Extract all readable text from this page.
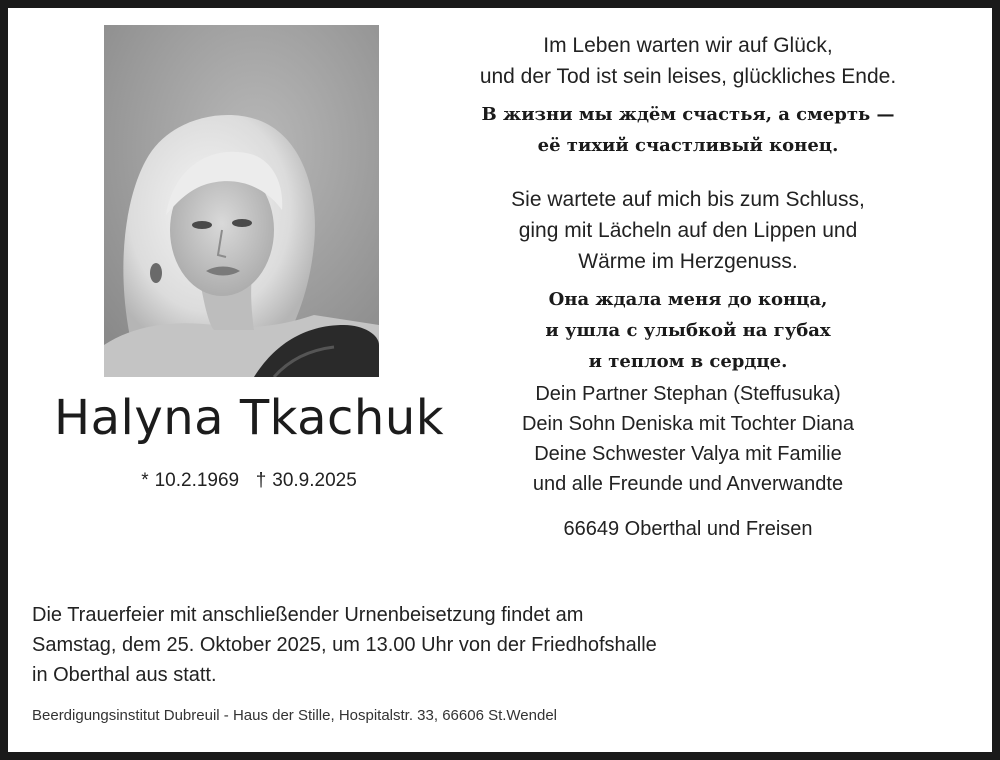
Halyna Tkachuk
* 10.2.1969 † 30.9.2025
Im Leben warten wir auf Glück,
und der Tod ist sein leises, glückliches Ende.
В жизни мы ждём счастья, а смерть —
её тихий счастливый конец.
Sie wartete auf mich bis zum Schluss,
ging mit Lächeln auf den Lippen und
Wärme im Herzgenuss.
Она ждала меня до конца,
и ушла с улыбкой на губах
и теплом в сердце.
Dein Partner Stephan (Steffusuka)
Dein Sohn Deniska mit Tochter Diana
Deine Schwester Valya mit Familie
und alle Freunde und Anverwandte
66649 Oberthal und Freisen
Die Trauerfeier mit anschließender Urnenbeisetzung findet am
Samstag, dem 25. Oktober 2025, um 13.00 Uhr von der Friedhofshalle
in Oberthal aus statt.
Beerdigungsinstitut Dubreuil - Haus der Stille, Hospitalstr. 33, 66606 St.Wendel
